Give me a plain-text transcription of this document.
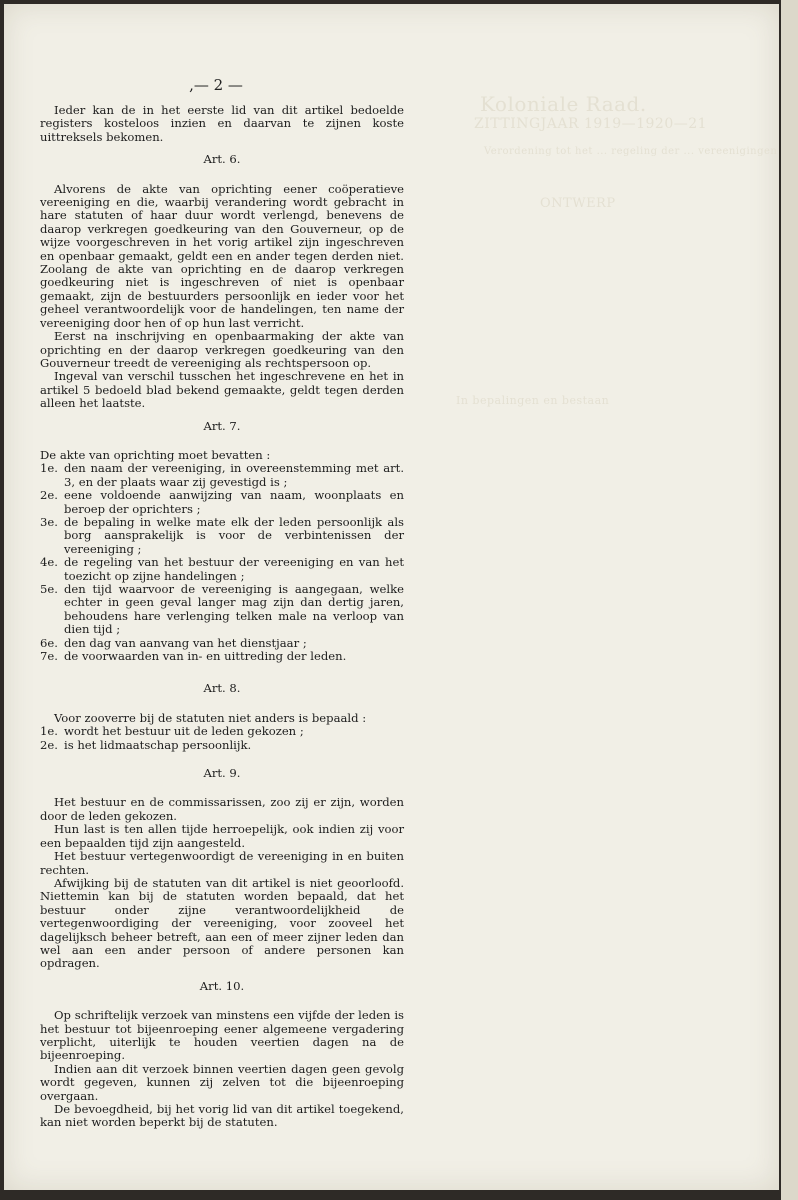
Koloniale Raad.
ZITTINGJAAR 1919—1920—21
Verordening tot het ... regeling der ... vereenigingen
ONTWERP
In bepalingen en bestaan
,— 2 —

Ieder kan de in het eerste lid van dit artikel bedoelde registers kosteloos inzien en daarvan te zijnen koste uittreksels bekomen.

Art. 6.

Alvorens de akte van oprichting eener coöperatieve vereeniging en die, waarbij verandering wordt gebracht in hare statuten of haar duur wordt verlengd, benevens de daarop verkregen goedkeuring van den Gouverneur, op de wijze voorgeschreven in het vorig artikel zijn ingeschreven en openbaar gemaakt, geldt een en ander tegen derden niet. Zoolang de akte van oprichting en de daarop verkregen goedkeuring niet is ingeschreven of niet is openbaar gemaakt, zijn de bestuurders persoonlijk en ieder voor het geheel verantwoordelijk voor de handelingen, ten name der vereeniging door hen of op hun last verricht.

Eerst na inschrijving en openbaarmaking der akte van oprichting en der daarop verkregen goedkeuring van den Gouverneur treedt de vereeniging als rechtspersoon op.

Ingeval van verschil tusschen het ingeschrevene en het in artikel 5 bedoeld blad bekend gemaakte, geldt tegen derden alleen het laatste.

Art. 7.

De akte van oprichting moet bevatten :

1e. den naam der vereeniging, in overeenstemming met art. 3, en der plaats waar zij gevestigd is ;
2e. eene voldoende aanwijzing van naam, woonplaats en beroep der oprichters ;
3e. de bepaling in welke mate elk der leden persoonlijk als borg aansprakelijk is voor de verbintenissen der vereeniging ;
4e. de regeling van het bestuur der vereeniging en van het toezicht op zijne handelingen ;
5e. den tijd waarvoor de vereeniging is aangegaan, welke echter in geen geval langer mag zijn dan dertig jaren, behoudens hare verlenging telken male na verloop van dien tijd ;
6e. den dag van aanvang van het dienstjaar ;
7e. de voorwaarden van in- en uittreding der leden.
Art. 8.

Voor zooverre bij de statuten niet anders is bepaald :

1e. wordt het bestuur uit de leden gekozen ;
2e. is het lidmaatschap persoonlijk.
Art. 9.

Het bestuur en de commissarissen, zoo zij er zijn, worden door de leden gekozen.

Hun last is ten allen tijde herroepelijk, ook indien zij voor een bepaalden tijd zijn aangesteld.

Het bestuur vertegenwoordigt de vereeniging in en buiten rechten.

Afwijking bij de statuten van dit artikel is niet geoorloofd. Niettemin kan bij de statuten worden bepaald, dat het bestuur onder zijne verantwoordelijkheid de vertegenwoordiging der vereeniging, voor zooveel het dagelijksch beheer betreft, aan een of meer zijner leden dan wel aan een ander persoon of andere personen kan opdragen.

Art. 10.

Op schriftelijk verzoek van minstens een vijfde der leden is het bestuur tot bijeenroeping eener algemeene vergadering verplicht, uiterlijk te houden veertien dagen na de bijeenroeping.

Indien aan dit verzoek binnen veertien dagen geen gevolg wordt gegeven, kunnen zij zelven tot die bijeenroeping overgaan.

De bevoegdheid, bij het vorig lid van dit artikel toegekend, kan niet worden beperkt bij de statuten.
